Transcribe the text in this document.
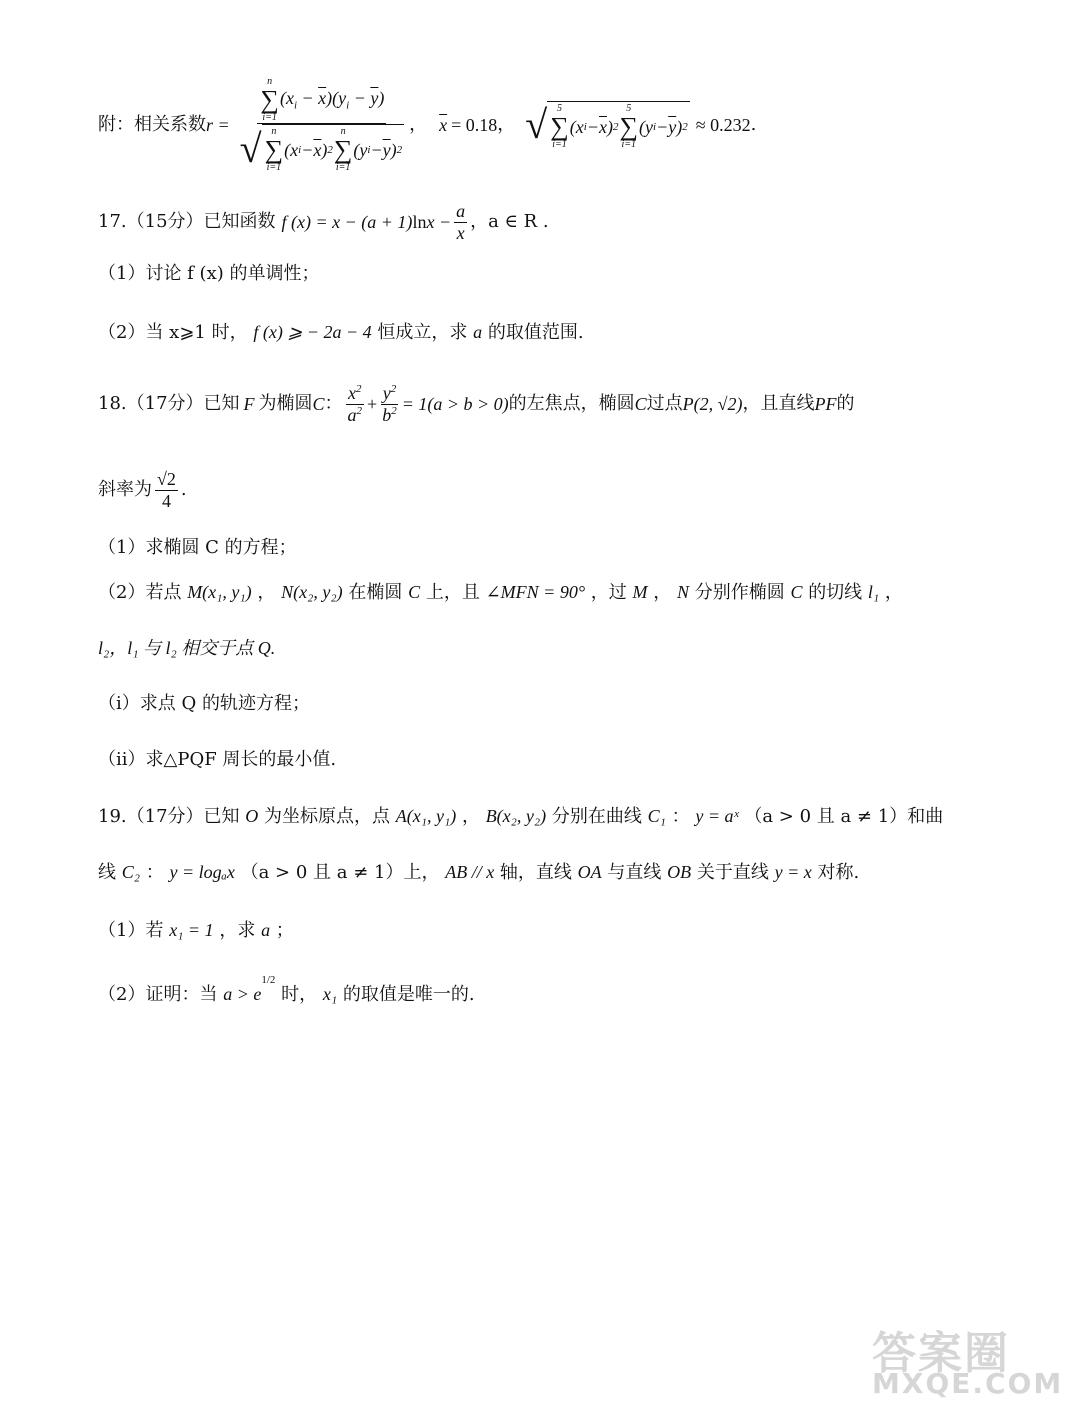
附：相关系数 r = n
∑
i=1
$(x_i - \overline{x})(y_i - \overline{y})$
√ n
∑
i=1
(x $i - \overline{x}$ ) 2
n
∑
i=1
(y $i - \overline{y}$ ) 2 ， $\overline{x} = 0.18$ ， √ 5
∑
i=1
(x $i - \overline{x}$ ) 2
5
∑
i=1
(y $i - \overline{y}$ ) 2 ≈ 0.232 .
17.（15分）已知函数 f $(x) = x - (a + 1)\ln x - \frac{a}{x}$ ，a ∈ R .
（1）讨论 f (x) 的单调性；
（2）当 x⩾1 时， f (x) ⩾ − 2a − 4 恒成立，求 a 的取值范围.
18.（17分）已知 F 为椭圆 C ： $\frac{x^2}{a^2} + \frac{y^2}{b^2} = 1(a > b > 0)$ 的左焦点，椭圆 C 过点 P(2, √2) ，且直线 PF 的
斜率为 $\frac{√2}{4}$ .
（1）求椭圆 C 的方程；
（2）若点 M(x₁, y₁) ， N(x₂, y₂) 在椭圆 C 上，且 ∠MFN = 90° ，过 M ， N 分别作椭圆 C 的切线 l₁ ，
l₂，l₁ 与 l₂ 相交于点 Q.
（i）求点 Q 的轨迹方程；
（ii）求△PQF 周长的最小值.
19.（17分）已知 O 为坐标原点，点 A(x₁, y₁) ， B(x₂, y₂) 分别在曲线 C₁ ： y = aˣ （a > 0 且 a ≠ 1）和曲
线 C₂ ： y = logₐx （a > 0 且 a ≠ 1）上， AB // x 轴，直线 OA 与直线 OB 关于直线 y = x 对称.
（1）若 x₁ = 1 ，求 a ；
（2）证明：当 $a > e^{1/2}$ 时， x₁ 的取值是唯一的.
答案圈
MXQE.COM
